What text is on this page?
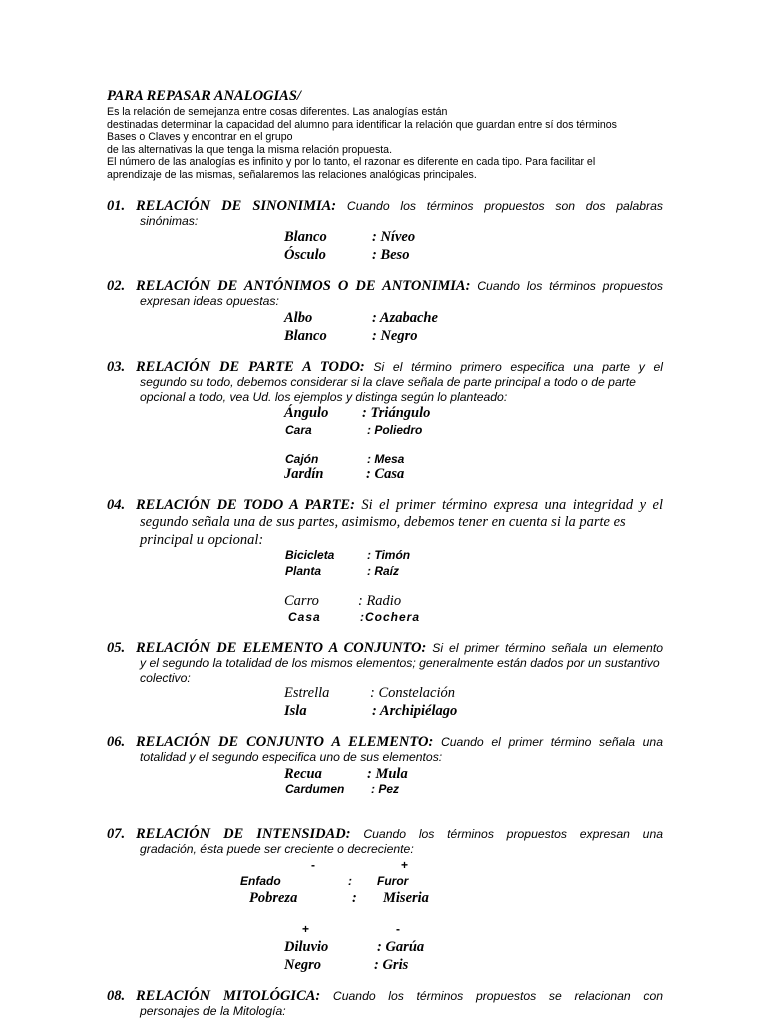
PARA REPASAR ANALOGIAS/
Es la relación de semejanza entre cosas diferentes. Las analogías están
destinadas determinar la capacidad del alumno para identificar la relación que guardan entre sí dos términos
Bases o Claves y encontrar en el grupo
de las alternativas la que tenga la misma relación propuesta.
El número de las analogías es infinito y por lo tanto, el razonar es diferente en cada tipo. Para facilitar el
aprendizaje de las mismas, señalaremos las relaciones analógicas principales.
01. RELACIÓN DE SINONIMIA: Cuando los términos propuestos son dos palabras
sinónimas:
Blanco	: Níveo
Ósculo	: Beso
02. RELACIÓN DE ANTÓNIMOS O DE ANTONIMIA: Cuando los términos propuestos
expresan ideas opuestas:
Albo	: Azabache
Blanco	: Negro
03. RELACIÓN DE PARTE A TODO: Si el término primero especifica una parte y el
segundo su todo, debemos considerar si la clave señala de parte principal a todo o de parte opcional a todo, vea Ud. los ejemplos y distinga según lo planteado:
Ángulo : Triángulo
Cara	: Poliedro
Cajón	: Mesa
Jardín	: Casa
04. RELACIÓN DE TODO A PARTE: Si el primer término expresa una integridad y el
segundo señala una de sus partes, asimismo, debemos tener en cuenta si la parte es principal u opcional:
Bicicleta	: Timón
Planta	: Raíz
Carro	: Radio
Casa	:Cochera
05. RELACIÓN DE ELEMENTO A CONJUNTO: Si el primer término señala un elemento
y el segundo la totalidad de los mismos elementos; generalmente están dados por un sustantivo colectivo:
Estrella	: Constelación
Isla	: Archipiélago
06. RELACIÓN DE CONJUNTO A ELEMENTO: Cuando el primer término señala una
totalidad y el segundo especifica uno de sus elementos:
Recua	: Mula
Cardumen : Pez
07. RELACIÓN DE INTENSIDAD: Cuando los términos propuestos expresan una
gradación, ésta puede ser creciente o decreciente:
-	+
Enfado	: Furor
Pobreza	: Miseria
+	-
Diluvio	: Garúa
Negro	: Gris
08. RELACIÓN MITOLÓGICA: Cuando los términos propuestos se relacionan con
personajes de la Mitología:
